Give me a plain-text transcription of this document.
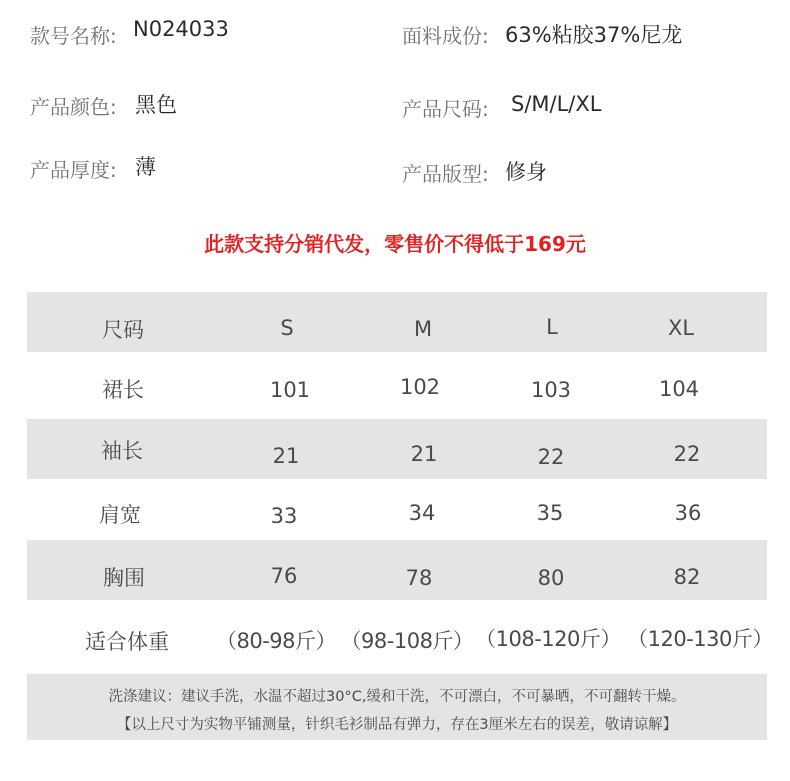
款号名称: N024033	面料成份: 63%粘胶37%尼龙
产品颜色: 黑色	产品尺码: S/M/L/XL
产品厚度: 薄	产品版型: 修身
此款支持分销代发，零售价不得低于169元
尺码	S	M	L	XL
裙长	101	102	103	104
袖长	21	21	22	22
肩宽	33	34	35	36
胸围	76	78	80	82
适合体重 （80-98斤） （98-108斤） （108-120斤） （120-130斤）
洗涤建议：建议手洗，水温不超过30°C,缓和干洗，不可漂白，不可暴晒，不可翻转干燥。
【以上尺寸为实物平铺测量，针织毛衫制品有弹力，存在3厘米左右的误差，敬请谅解】
